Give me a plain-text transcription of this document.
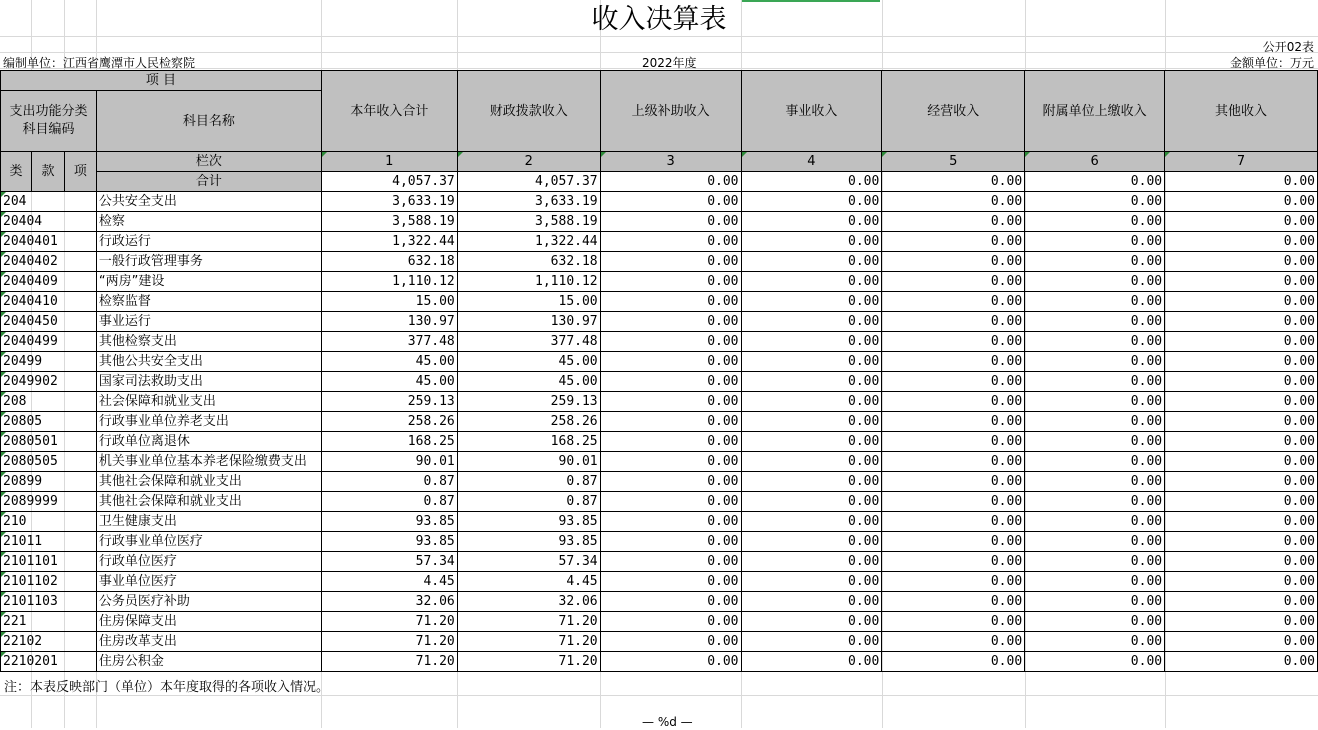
收入决算表
公开02表
编制单位：江西省鹰潭市人民检察院	2022年度	金额单位：万元
项 目				本年收入合计	财政拨款收入	上级补助收入	事业收入	经营收入	附属单位上缴收入	其他收入
支出功能分类科目编码			科目名称							

类	款	项	栏次	1	2	3	4	5	6	7
			合计	4,057.37	4,057.37	0.00	0.00	0.00	0.00	0.00
204			公共安全支出	3,633.19	3,633.19	0.00	0.00	0.00	0.00	0.00
20404			检察	3,588.19	3,588.19	0.00	0.00	0.00	0.00	0.00
2040401			行政运行	1,322.44	1,322.44	0.00	0.00	0.00	0.00	0.00
2040402			一般行政管理事务	632.18	632.18	0.00	0.00	0.00	0.00	0.00
2040409			“两房”建设	1,110.12	1,110.12	0.00	0.00	0.00	0.00	0.00
2040410			检察监督	15.00	15.00	0.00	0.00	0.00	0.00	0.00
2040450			事业运行	130.97	130.97	0.00	0.00	0.00	0.00	0.00
2040499			其他检察支出	377.48	377.48	0.00	0.00	0.00	0.00	0.00
20499			其他公共安全支出	45.00	45.00	0.00	0.00	0.00	0.00	0.00
2049902			国家司法救助支出	45.00	45.00	0.00	0.00	0.00	0.00	0.00
208			社会保障和就业支出	259.13	259.13	0.00	0.00	0.00	0.00	0.00
20805			行政事业单位养老支出	258.26	258.26	0.00	0.00	0.00	0.00	0.00
2080501			行政单位离退休	168.25	168.25	0.00	0.00	0.00	0.00	0.00
2080505			机关事业单位基本养老保险缴费支出	90.01	90.01	0.00	0.00	0.00	0.00	0.00
20899			其他社会保障和就业支出	0.87	0.87	0.00	0.00	0.00	0.00	0.00
2089999			其他社会保障和就业支出	0.87	0.87	0.00	0.00	0.00	0.00	0.00
210			卫生健康支出	93.85	93.85	0.00	0.00	0.00	0.00	0.00
21011			行政事业单位医疗	93.85	93.85	0.00	0.00	0.00	0.00	0.00
2101101			行政单位医疗	57.34	57.34	0.00	0.00	0.00	0.00	0.00
2101102			事业单位医疗	4.45	4.45	0.00	0.00	0.00	0.00	0.00
2101103			公务员医疗补助	32.06	32.06	0.00	0.00	0.00	0.00	0.00
221			住房保障支出	71.20	71.20	0.00	0.00	0.00	0.00	0.00
22102			住房改革支出	71.20	71.20	0.00	0.00	0.00	0.00	0.00
2210201			住房公积金	71.20	71.20	0.00	0.00	0.00	0.00	0.00
注：本表反映部门（单位）本年度取得的各项收入情况。
— %d —
